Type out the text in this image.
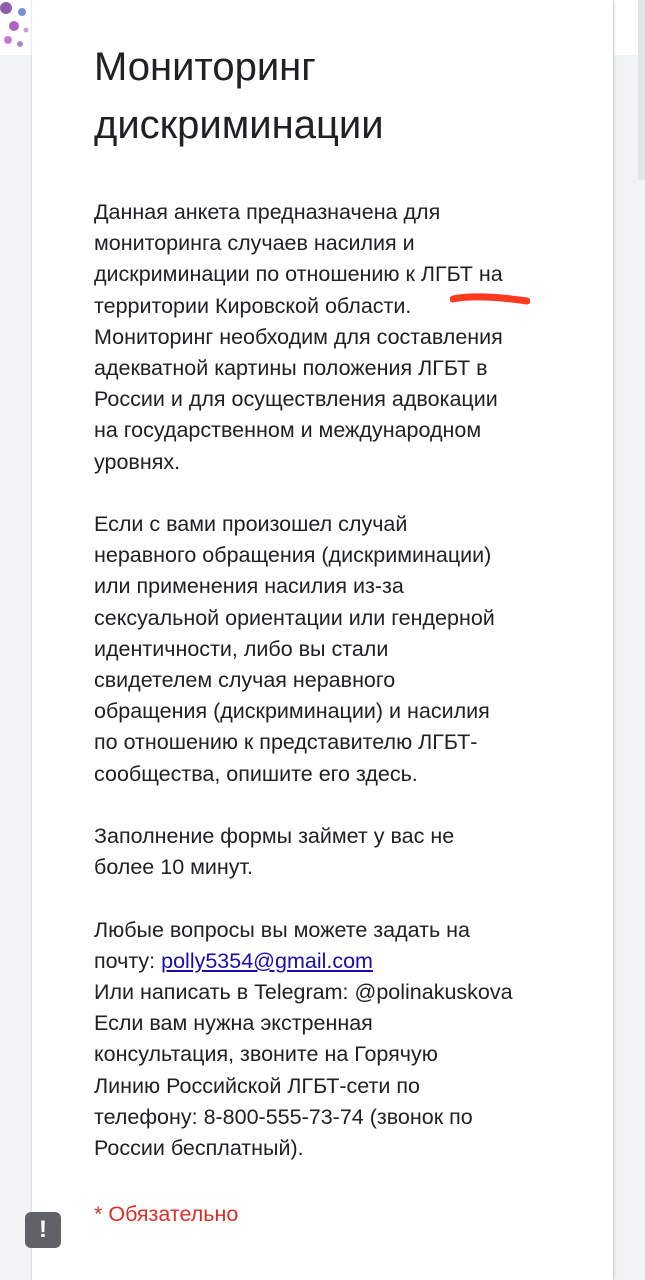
Мониторинг
дискриминации

Данная анкета предназначена для
мониторинга случаев насилия и
дискриминации по отношению к ЛГБТ на
территории Кировской области.
Мониторинг необходим для составления
адекватной картины положения ЛГБТ в
России и для осуществления адвокации
на государственном и международном
уровнях.

Если с вами произошел случай
неравного обращения (дискриминации)
или применения насилия из-за
сексуальной ориентации или гендерной
идентичности, либо вы стали
свидетелем случая неравного
обращения (дискриминации) и насилия
по отношению к представителю ЛГБТ-
сообщества, опишите его здесь.

Заполнение формы займет у вас не
более 10 минут.

Любые вопросы вы можете задать на
почту: polly5354@gmail.com
Или написать в Telegram: @polinakuskova
Если вам нужна экстренная
консультация, звоните на Горячую
Линию Российской ЛГБТ-сети по
телефону: 8-800-555-73-74 (звонок по
России бесплатный).

* Обязательно
!
